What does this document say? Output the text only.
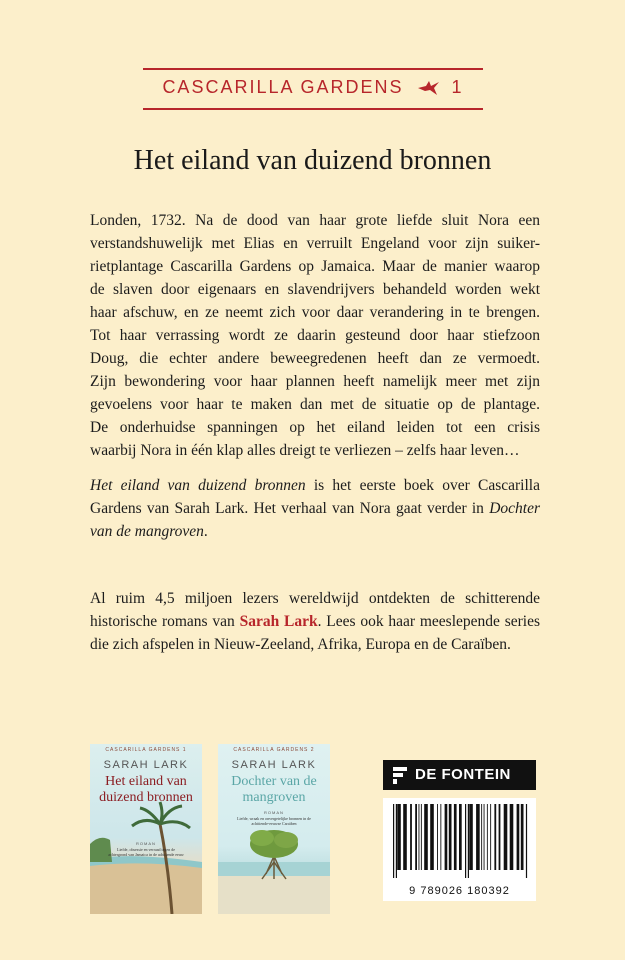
CASCARILLA GARDENS	1
Het eiland van duizend bronnen
Londen, 1732. Na de dood van haar grote liefde sluit Nora een
verstandshuwelijk met Elias en verruilt Engeland voor zijn suiker-
rietplantage Cascarilla Gardens op Jamaica. Maar de manier waarop
de slaven door eigenaars en slavendrijvers behandeld worden wekt
haar afschuw, en ze neemt zich voor daar verandering in te brengen.
Tot haar verrassing wordt ze daarin gesteund door haar stiefzoon
Doug, die echter andere beweegredenen heeft dan ze vermoedt.
Zijn bewondering voor haar plannen heeft namelijk meer met zijn
gevoelens voor haar te maken dan met de situatie op de plantage.
De onderhuidse spanningen op het eiland leiden tot een crisis
waarbij Nora in één klap alles dreigt te verliezen – zelfs haar leven…
Het eiland van duizend bronnen is het eerste boek over Cascarilla
Gardens van Sarah Lark. Het verhaal van Nora gaat verder in Dochter
van de mangroven.
Al ruim 4,5 miljoen lezers wereldwijd ontdekten de schitterende
historische romans van Sarah Lark. Lees ook haar meeslepende series
die zich afspelen in Nieuw-Zeeland, Afrika, Europa en de Caraïben.
CASCARILLA GARDENS 1
SARAH LARK
Het eiland van duizend bronnen
ROMAN
Liefde, obsessie en verraad tegen de achtergrond van Jamaica in de achttiende eeuw
CASCARILLA GARDENS 2
SARAH LARK
Dochter van de mangroven
ROMAN
Liefde, wraak en onvergetelijke bronnen in de achttiende-eeuwse Caraïben
DE FONTEIN
9 789026 180392
